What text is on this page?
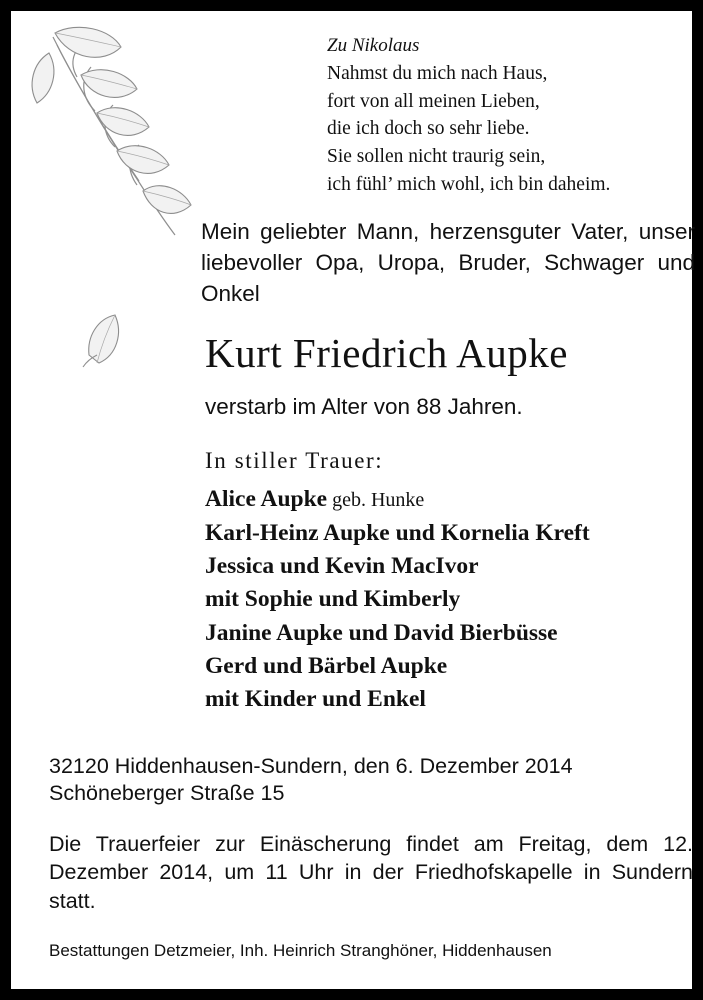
Zu Nikolaus
Nahmst du mich nach Haus,
fort von all meinen Lieben,
die ich doch so sehr liebe.
Sie sollen nicht traurig sein,
ich fühl’ mich wohl, ich bin daheim.
Mein geliebter Mann, herzensguter Vater, unser liebevoller Opa, Uropa, Bruder, Schwager und Onkel
Kurt Friedrich Aupke
verstarb im Alter von 88 Jahren.
In stiller Trauer:
Alice Aupke geb. Hunke
Karl-Heinz Aupke und Kornelia Kreft
Jessica und Kevin MacIvor
mit Sophie und Kimberly
Janine Aupke und David Bierbüsse
Gerd und Bärbel Aupke
mit Kinder und Enkel
32120 Hiddenhausen-Sundern, den 6. Dezember 2014
Schöneberger Straße 15
Die Trauerfeier zur Einäscherung findet am Freitag, dem 12. Dezember 2014, um 11 Uhr in der Friedhofskapelle in Sundern statt.
Bestattungen Detzmeier, Inh. Heinrich Stranghöner, Hiddenhausen
